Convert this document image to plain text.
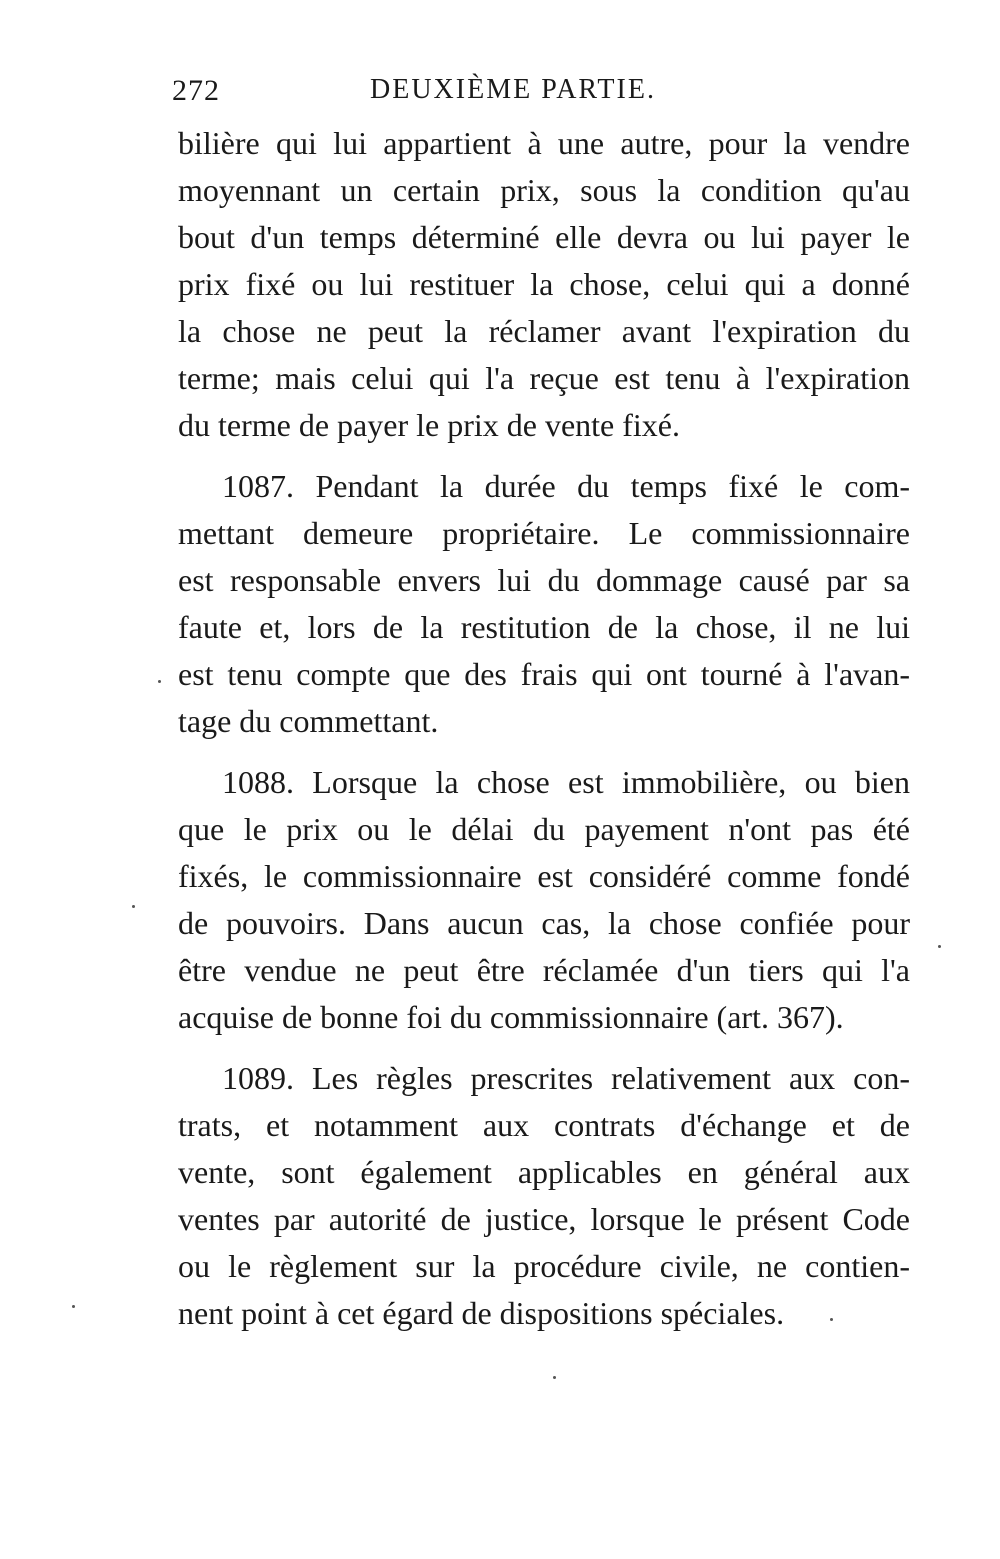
272	DEUXIÈME PARTIE.
bilière qui lui appartient à une autre, pour la vendre
moyennant un certain prix, sous la condition qu'au
bout d'un temps déterminé elle devra ou lui payer le
prix fixé ou lui restituer la chose, celui qui a donné
la chose ne peut la réclamer avant l'expiration du
terme; mais celui qui l'a reçue est tenu à l'expiration
du terme de payer le prix de vente fixé.
1087. Pendant la durée du temps fixé le com-
mettant demeure propriétaire. Le commissionnaire
est responsable envers lui du dommage causé par sa
faute et, lors de la restitution de la chose, il ne lui
est tenu compte que des frais qui ont tourné à l'avan-
tage du commettant.
1088. Lorsque la chose est immobilière, ou bien
que le prix ou le délai du payement n'ont pas été
fixés, le commissionnaire est considéré comme fondé
de pouvoirs. Dans aucun cas, la chose confiée pour
être vendue ne peut être réclamée d'un tiers qui l'a
acquise de bonne foi du commissionnaire (art. 367).
1089. Les règles prescrites relativement aux con-
trats, et notamment aux contrats d'échange et de
vente, sont également applicables en général aux
ventes par autorité de justice, lorsque le présent Code
ou le règlement sur la procédure civile, ne contien-
nent point à cet égard de dispositions spéciales.
